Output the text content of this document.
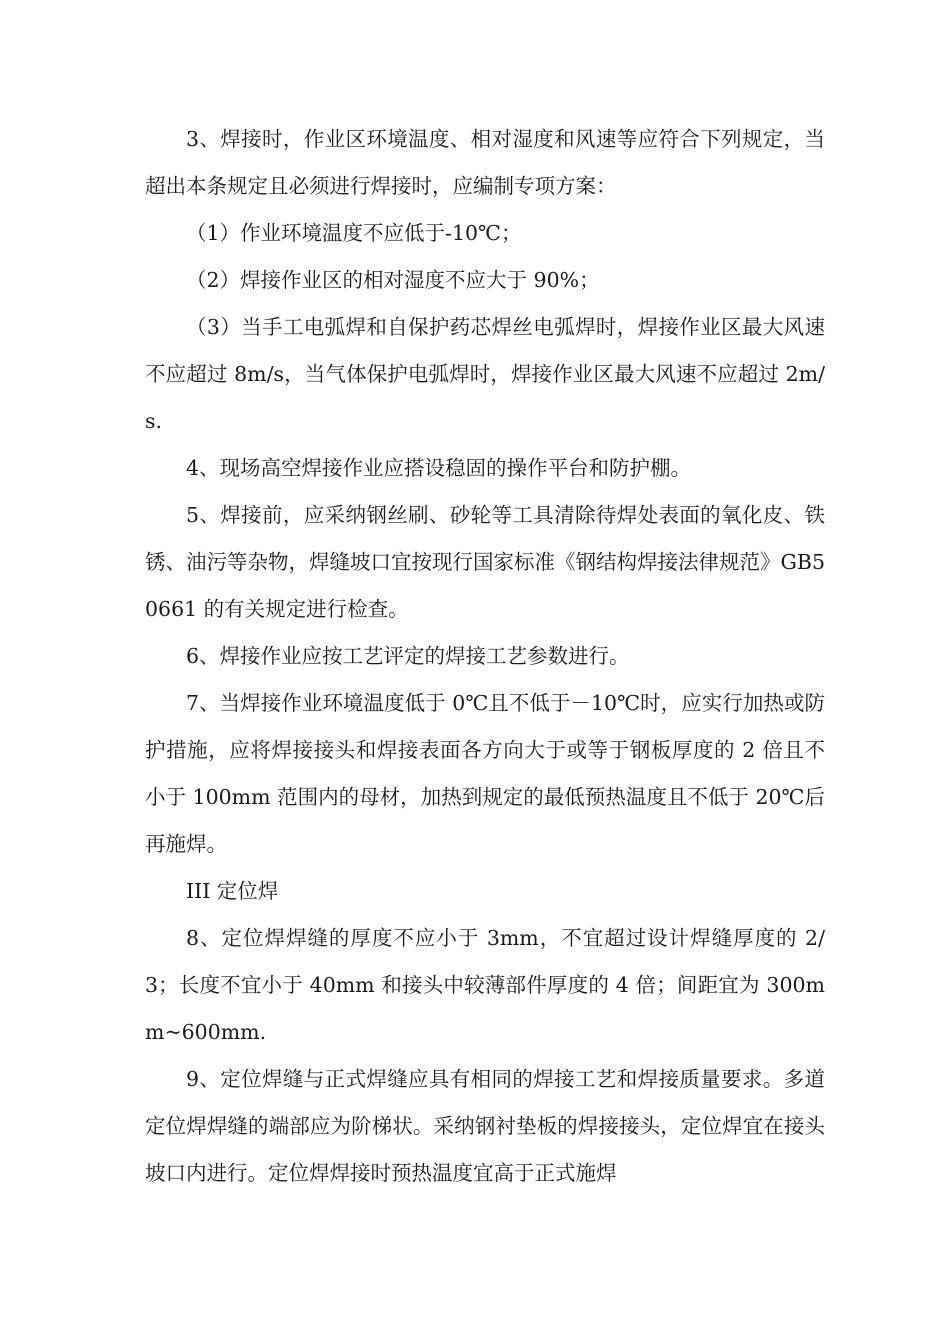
3、焊接时，作业区环境温度、相对湿度和风速等应符合下列规定，当超出本条规定且必须进行焊接时，应编制专项方案：

（1）作业环境温度不应低于-10℃；

（2）焊接作业区的相对湿度不应大于 90%；

（3）当手工电弧焊和自保护药芯焊丝电弧焊时，焊接作业区最大风速不应超过 8m/s，当气体保护电弧焊时，焊接作业区最大风速不应超过 2m/s.

4、现场高空焊接作业应搭设稳固的操作平台和防护棚。

5、焊接前，应采纳钢丝刷、砂轮等工具清除待焊处表面的氧化皮、铁锈、油污等杂物，焊缝坡口宜按现行国家标准《钢结构焊接法律规范》GB50661 的有关规定进行检查。

6、焊接作业应按工艺评定的焊接工艺参数进行。

7、当焊接作业环境温度低于 0℃且不低于－10℃时，应实行加热或防护措施，应将焊接接头和焊接表面各方向大于或等于钢板厚度的 2 倍且不小于 100mm 范围内的母材，加热到规定的最低预热温度且不低于 20℃后再施焊。

III 定位焊

8、定位焊焊缝的厚度不应小于 3mm，不宜超过设计焊缝厚度的 2/3；长度不宜小于 40mm 和接头中较薄部件厚度的 4 倍；间距宜为 300mm~600mm.

9、定位焊缝与正式焊缝应具有相同的焊接工艺和焊接质量要求。多道定位焊焊缝的端部应为阶梯状。采纳钢衬垫板的焊接接头，定位焊宜在接头坡口内进行。定位焊焊接时预热温度宜高于正式施焊
